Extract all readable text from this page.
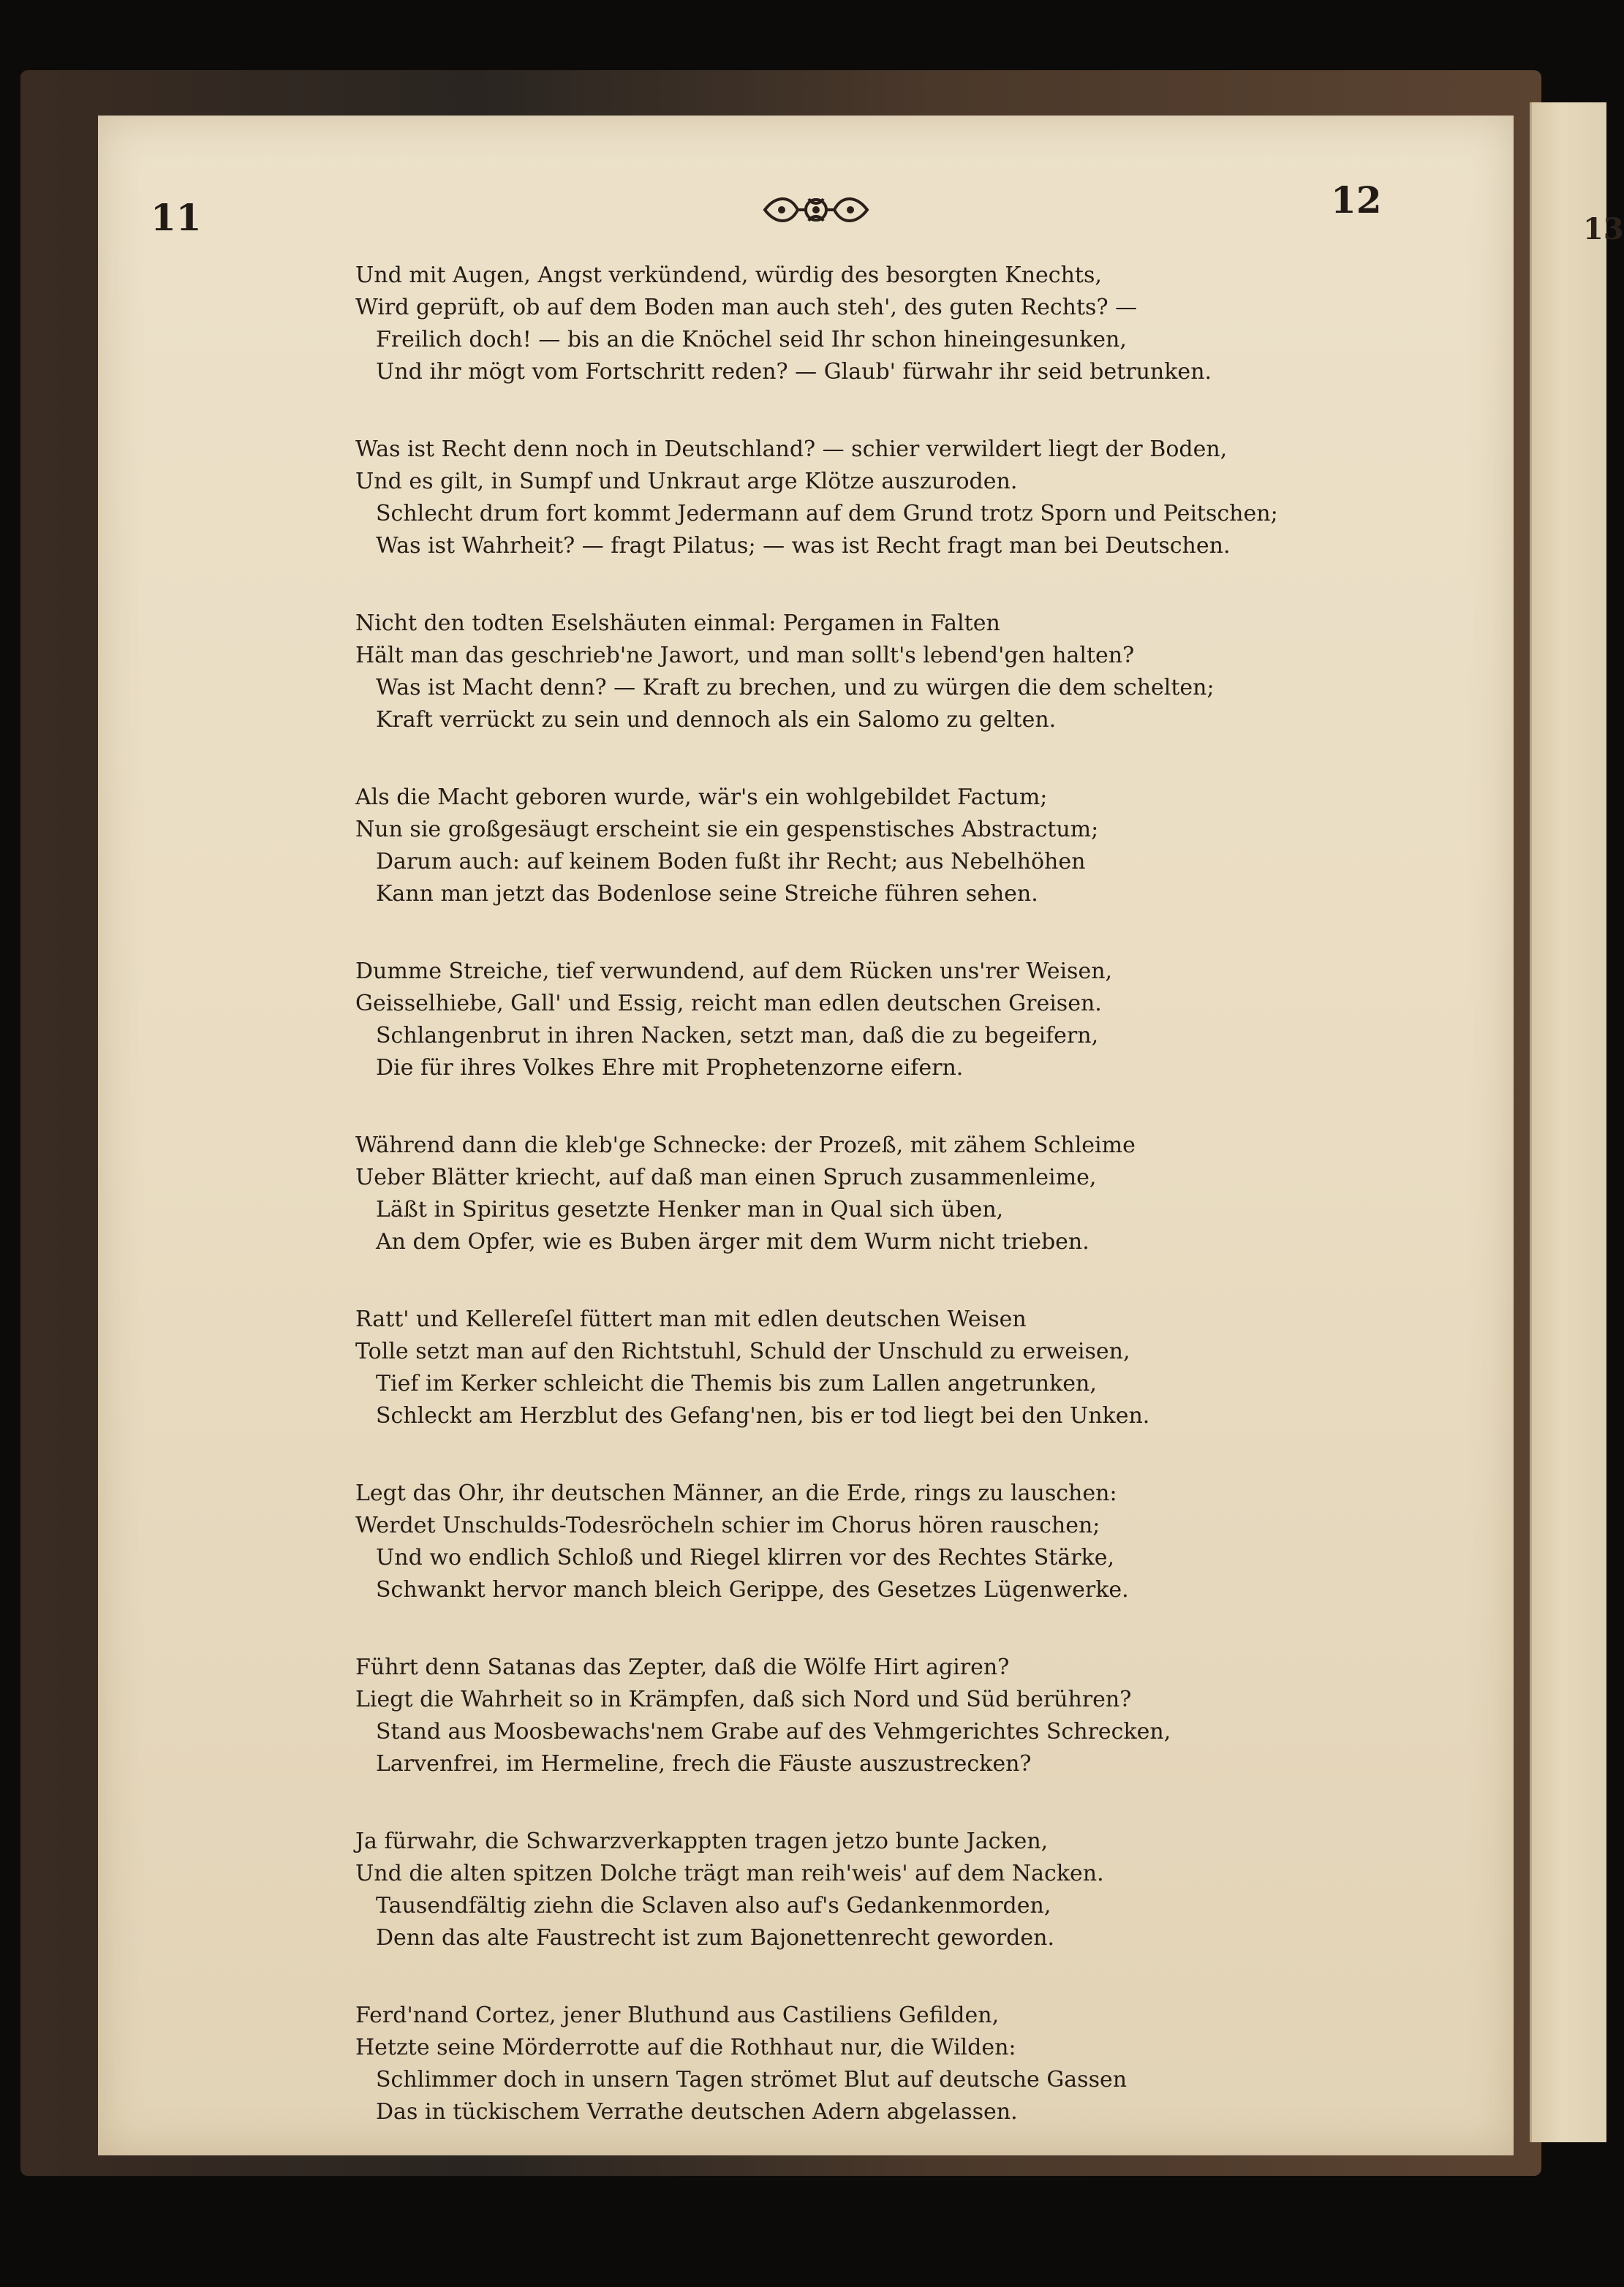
13
11	12
Und mit Augen, Angst verkündend, würdig des besorgten Knechts,
Wird geprüft, ob auf dem Boden man auch steh', des guten Rechts? —
Freilich doch! — bis an die Knöchel seid Ihr schon hineingesunken,
Und ihr mögt vom Fortschritt reden? — Glaub' fürwahr ihr seid betrunken.
Was ist Recht denn noch in Deutschland? — schier verwildert liegt der Boden,
Und es gilt, in Sumpf und Unkraut arge Klötze auszuroden.
Schlecht drum fort kommt Jedermann auf dem Grund trotz Sporn und Peitschen;
Was ist Wahrheit? — fragt Pilatus; — was ist Recht fragt man bei Deutschen.
Nicht den todten Eselshäuten einmal: Pergamen in Falten
Hält man das geschrieb'ne Jawort, und man sollt's lebend'gen halten?
Was ist Macht denn? — Kraft zu brechen, und zu würgen die dem schelten;
Kraft verrückt zu sein und dennoch als ein Salomo zu gelten.
Als die Macht geboren wurde, wär's ein wohlgebildet Factum;
Nun sie großgesäugt erscheint sie ein gespenstisches Abstractum;
Darum auch: auf keinem Boden fußt ihr Recht; aus Nebelhöhen
Kann man jetzt das Bodenlose seine Streiche führen sehen.
Dumme Streiche, tief verwundend, auf dem Rücken uns'rer Weisen,
Geisselhiebe, Gall' und Essig, reicht man edlen deutschen Greisen.
Schlangenbrut in ihren Nacken, setzt man, daß die zu begeifern,
Die für ihres Volkes Ehre mit Prophetenzorne eifern.
Während dann die kleb'ge Schnecke: der Prozeß, mit zähem Schleime
Ueber Blätter kriecht, auf daß man einen Spruch zusammenleime,
Läßt in Spiritus gesetzte Henker man in Qual sich üben,
An dem Opfer, wie es Buben ärger mit dem Wurm nicht trieben.
Ratt' und Kellereſel füttert man mit edlen deutschen Weisen
Tolle setzt man auf den Richtstuhl, Schuld der Unschuld zu erweisen,
Tief im Kerker schleicht die Themis bis zum Lallen angetrunken,
Schleckt am Herzblut des Gefang'nen, bis er tod liegt bei den Unken.
Legt das Ohr, ihr deutschen Männer, an die Erde, rings zu lauschen:
Werdet Unschulds-Todesröcheln schier im Chorus hören rauschen;
Und wo endlich Schloß und Riegel klirren vor des Rechtes Stärke,
Schwankt hervor manch bleich Gerippe, des Gesetzes Lügenwerke.
Führt denn Satanas das Zepter, daß die Wölfe Hirt agiren?
Liegt die Wahrheit so in Krämpfen, daß sich Nord und Süd berühren?
Stand aus Moosbewachs'nem Grabe auf des Vehmgerichtes Schrecken,
Larvenfrei, im Hermeline, frech die Fäuste auszustrecken?
Ja fürwahr, die Schwarzverkappten tragen jetzo bunte Jacken,
Und die alten spitzen Dolche trägt man reih'weis' auf dem Nacken.
Tausendfältig ziehn die Sclaven also auf's Gedankenmorden,
Denn das alte Faustrecht ist zum Bajonettenrecht geworden.
Ferd'nand Cortez, jener Bluthund aus Castiliens Gefilden,
Hetzte seine Mörderrotte auf die Rothhaut nur, die Wilden:
Schlimmer doch in unsern Tagen strömet Blut auf deutsche Gassen
Das in tückischem Verrathe deutschen Adern abgelassen.
